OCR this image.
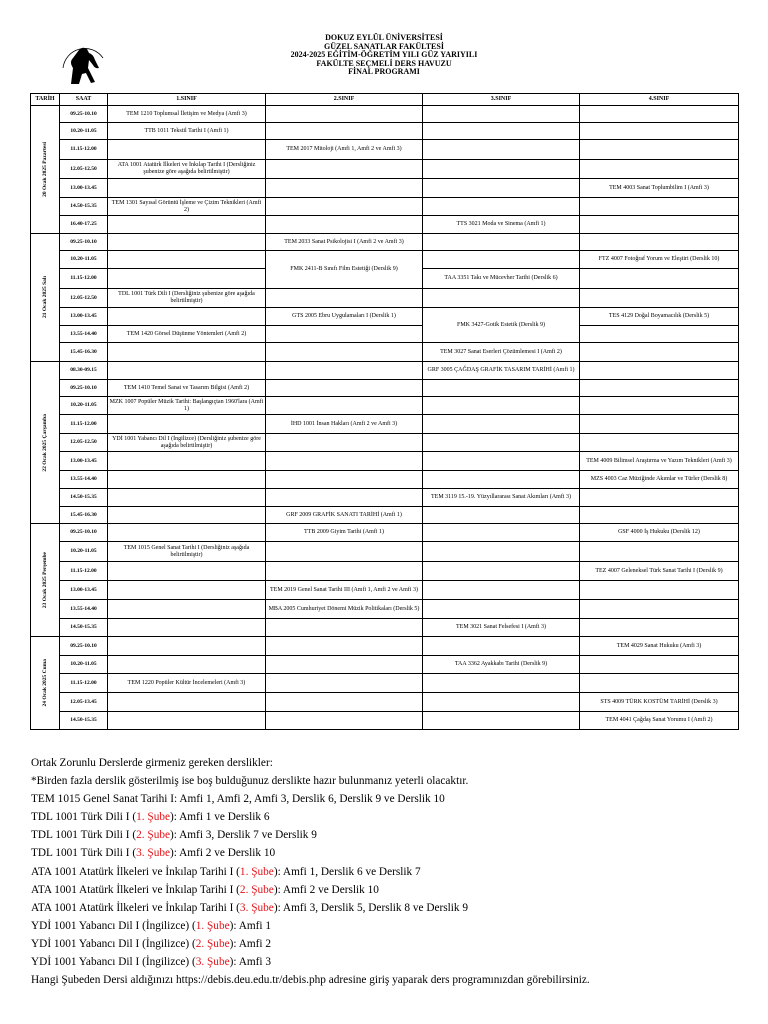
DOKUZ EYLÜL ÜNİVERSİTESİ
GÜZEL SANATLAR FAKÜLTESİ
2024-2025 EĞİTİM-ÖĞRETİM YILI GÜZ YARIYILI
FAKÜLTE SEÇMELİ DERS HAVUZU
FİNAL PROGRAMI
TARİH	SAAT	1.SINIF	2.SINIF	3.SINIF	4.SINIF

20 Ocak 2025 Pazartesi	09.25-10.10	TEM 1210 Toplumsal İletişim ve Medya (Amfi 3)			
	10.20-11.05	TTB 1011 Tekstil Tarihi I (Amfi 1)			
	11.15-12.00		TEM 2017 Mitoloji (Amfi 1, Amfi 2 ve Amfi 3)		
	12.05-12.50	ATA 1001 Atatürk İlkeleri ve İnkılap Tarihi I (Dersliğiniz şubenize göre aşağıda belirtilmiştir)			
	13.00-13.45				TEM 4003 Sanat Toplumbilim I (Amfi 3)
	14.50-15.35	TEM 1301 Sayısal Görüntü İşleme ve Çizim Teknikleri (Amfi 2)			
	16.40-17.25			TTS 3021 Moda ve Sinema (Amfi 1)	

21 Ocak 2025 Salı	09.25-10.10		TEM 2033 Sanat Psikolojisi I (Amfi 2 ve Amfi 3)		
	10.20-11.05		FMK 2411-B Sınıfı Film Estetiği (Derslik 9)		FTZ 4007 Fotoğraf Yorum ve Eleştiri (Derslik 10)
	11.15-12.00			TAA 3351 Takı ve Mücevher Tarihi (Derslik 6)	
	12.05-12.50	TDL 1001 Türk Dili I (Dersliğiniz şubenize göre aşağıda belirtilmiştir)			
	13.00-13.45		GTS 2005 Ebru Uygulamaları I (Derslik 1)	FMK 3427-Gotik Estetik (Derslik 9)	TES 4129 Doğal Boyamacılık (Derslik 5)
	13.55-14.40	TEM 1420 Görsel Düşünme Yöntemleri (Amfi 2)			
	15.45-16.30			TEM 3027 Sanat Eserleri Çözümlemesi I (Amfi 2)	

22 Ocak 2025 Çarşamba	08.30-09.15			GRF 3005 ÇAĞDAŞ GRAFİK TASARIM TARİHİ (Amfi 1)	
	09.25-10.10	TEM 1410 Temel Sanat ve Tasarım Bilgisi (Amfi 2)			
	10.20-11.05	MZK 1007 Popüler Müzik Tarihi: Başlangıçtan 1960'lara (Amfi 1)			
	11.15-12.00		İHD 1001 İnsan Hakları (Amfi 2 ve Amfi 3)		
	12.05-12.50	YDİ 1001 Yabancı Dil I (İngilizce) (Dersliğiniz şubenize göre aşağıda belirtilmiştir)			
	13.00-13.45				TEM 4009 Bilimsel Araştırma ve Yazım Teknikleri (Amfi 3)
	13.55-14.40				MZS 4003 Caz Müziğinde Akımlar ve Türler (Derslik 8)
	14.50-15.35			TEM 3119 15.-19. Yüzyıllararası Sanat Akımları (Amfi 3)	
	15.45-16.30		GRF 2009 GRAFİK SANATI TARİHİ (Amfi 1)		

23 Ocak 2025 Perşembe	09.25-10.10		TTB 2009 Giyim Tarihi (Amfi 1)		GSF 4000 İş Hukuku (Derslik 12)
	10.20-11.05	TEM 1015 Genel Sanat Tarihi I (Dersliğiniz aşağıda belirtilmiştir)			
	11.15-12.00				TEZ 4007 Geleneksel Türk Sanat Tarihi I (Derslik 9)
	13.00-13.45		TEM 2019 Genel Sanat Tarihi III (Amfi 1, Amfi 2 ve Amfi 3)		
	13.55-14.40		MBA 2005 Cumhuriyet Dönemi Müzik Politikaları (Derslik 5)		
	14.50-15.35			TEM 3021 Sanat Felsefesi I (Amfi 3)	

24 Ocak 2025 Cuma	09.25-10.10				TEM 4029 Sanat Hukuku (Amfi 3)
	10.20-11.05			TAA 3362 Ayakkabı Tarihi (Derslik 9)	
	11.15-12.00	TEM 1220 Popüler Kültür İncelemeleri (Amfi 3)			
	12.05-13.45				STS 4009 TÜRK KOSTÜM TARİHİ (Derslik 3)
	14.50-15.35				TEM 4041 Çağdaş Sanat Yorumu I (Amfi 2)

Ortak Zorunlu Derslerde girmeniz gereken derslikler:

*Birden fazla derslik gösterilmiş ise boş bulduğunuz derslikte hazır bulunmanız yeterli olacaktır.

TEM 1015 Genel Sanat Tarihi I: Amfi 1, Amfi 2, Amfi 3, Derslik 6, Derslik 9 ve Derslik 10

TDL 1001 Türk Dili I (1. Şube): Amfi 1 ve Derslik 6

TDL 1001 Türk Dili I (2. Şube): Amfi 3, Derslik 7 ve Derslik 9

TDL 1001 Türk Dili I (3. Şube): Amfi 2 ve Derslik 10

ATA 1001 Atatürk İlkeleri ve İnkılap Tarihi I (1. Şube): Amfi 1, Derslik 6 ve Derslik 7

ATA 1001 Atatürk İlkeleri ve İnkılap Tarihi I (2. Şube): Amfi 2 ve Derslik 10

ATA 1001 Atatürk İlkeleri ve İnkılap Tarihi I (3. Şube): Amfi 3, Derslik 5, Derslik 8 ve Derslik 9

YDİ 1001 Yabancı Dil I (İngilizce) (1. Şube): Amfi 1

YDİ 1001 Yabancı Dil I (İngilizce) (2. Şube): Amfi 2

YDİ 1001 Yabancı Dil I (İngilizce) (3. Şube): Amfi 3

Hangi Şubeden Dersi aldığınızı https://debis.deu.edu.tr/debis.php adresine giriş yaparak ders programınızdan görebilirsiniz.
